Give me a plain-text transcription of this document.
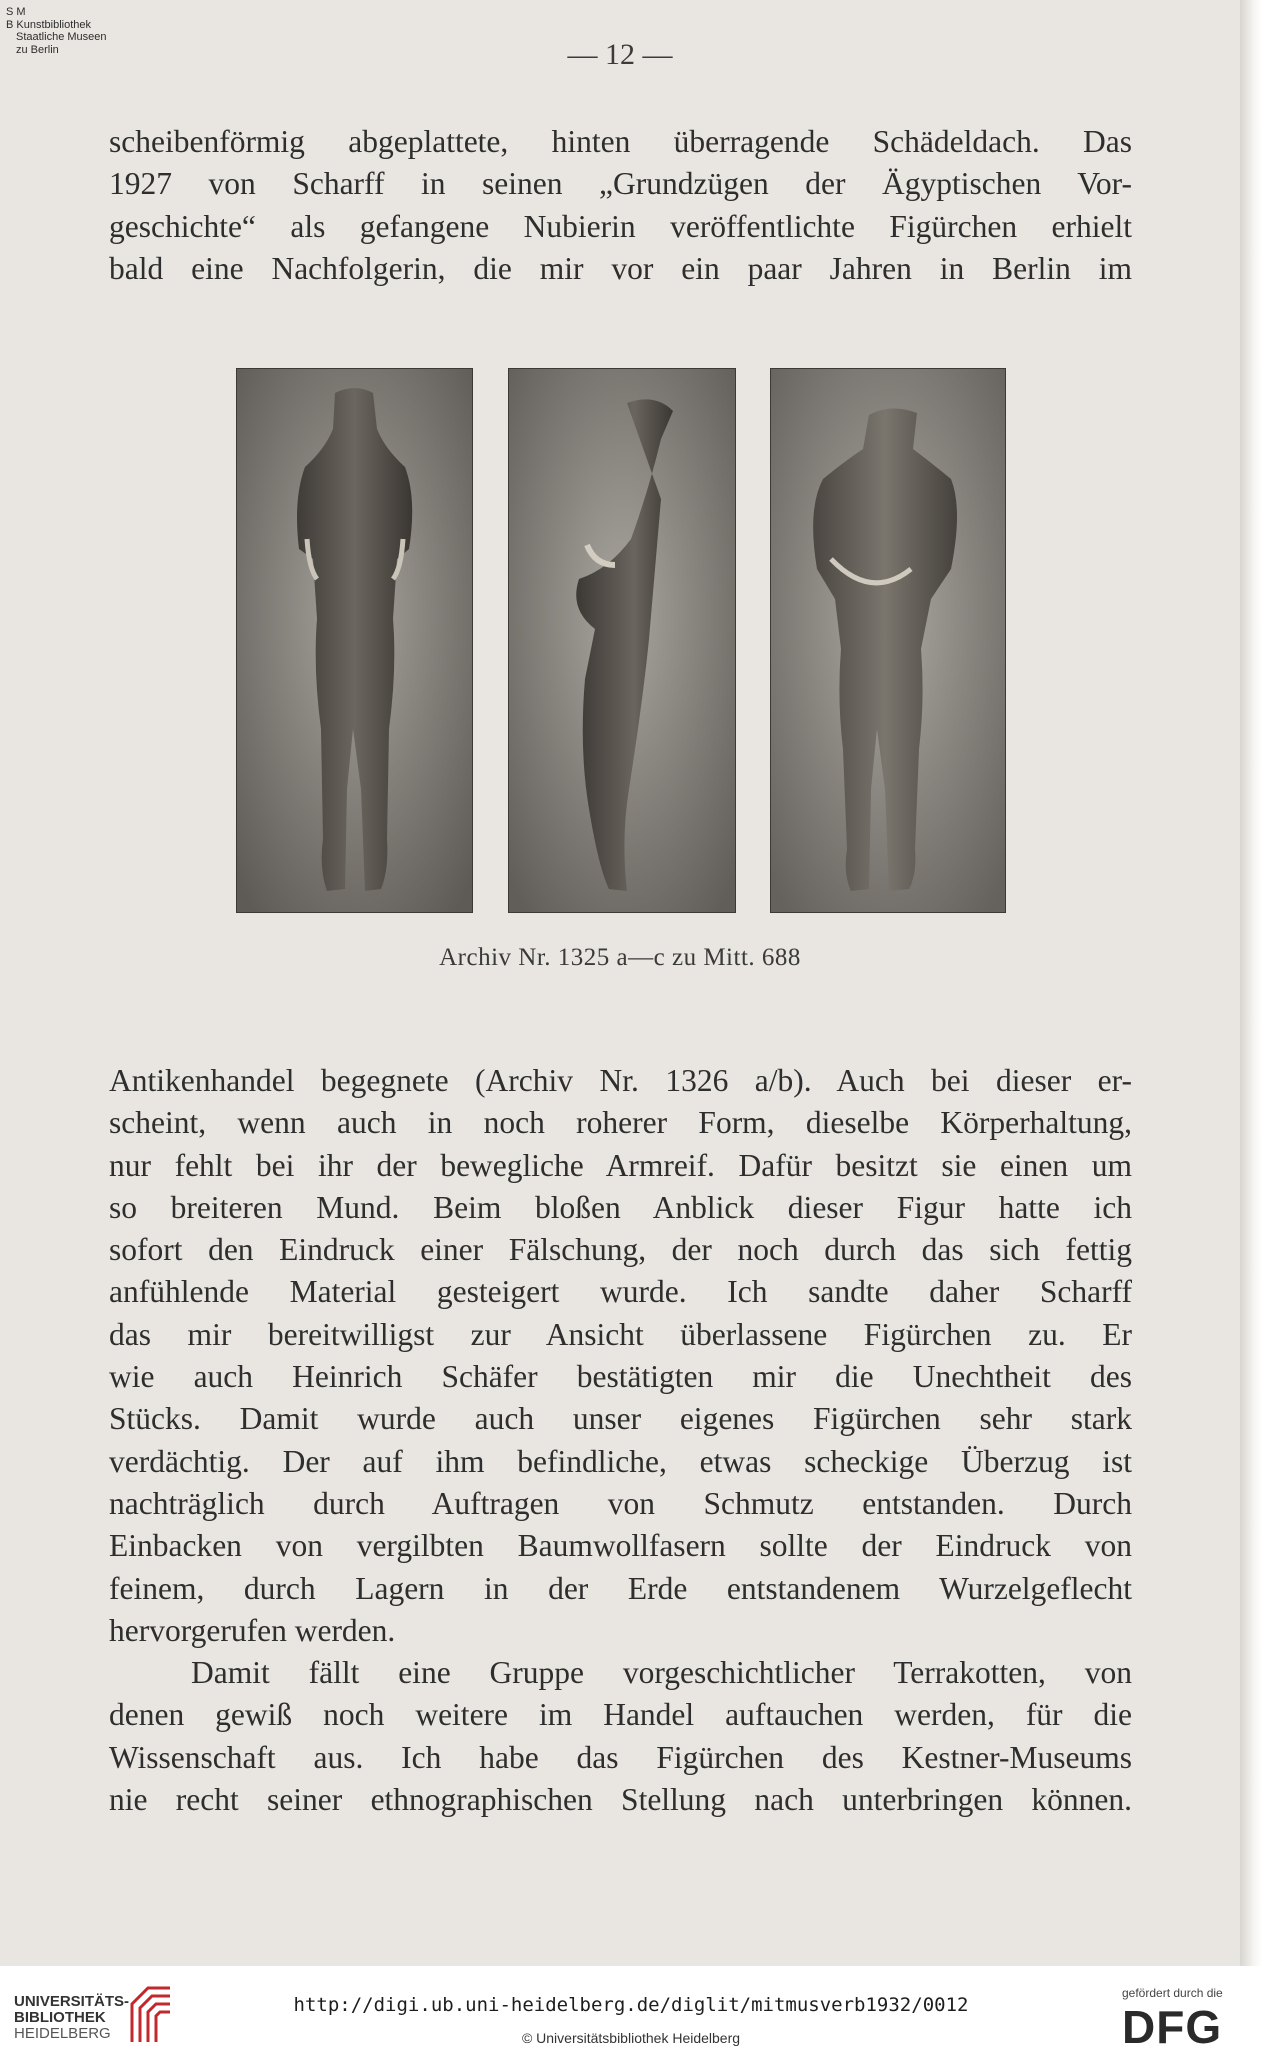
S M
B Kunstbibliothek
Staatliche Museen
zu Berlin	— 12 —
scheibenförmig abgeplattete, hinten überragende Schädeldach. Das
1927 von Scharff in seinen „Grundzügen der Ägyptischen Vor-
geschichte“ als gefangene Nubierin veröffentlichte Figürchen erhielt
bald eine Nachfolgerin, die mir vor ein paar Jahren in Berlin im
Archiv Nr. 1325 a—c zu Mitt. 688
Antikenhandel begegnete (Archiv Nr. 1326 a/b). Auch bei dieser er-
scheint, wenn auch in noch roherer Form, dieselbe Körperhaltung,
nur fehlt bei ihr der bewegliche Armreif. Dafür besitzt sie einen um
so breiteren Mund. Beim bloßen Anblick dieser Figur hatte ich
sofort den Eindruck einer Fälschung, der noch durch das sich fettig
anfühlende Material gesteigert wurde. Ich sandte daher Scharff
das mir bereitwilligst zur Ansicht überlassene Figürchen zu. Er
wie auch Heinrich Schäfer bestätigten mir die Unechtheit des
Stücks. Damit wurde auch unser eigenes Figürchen sehr stark
verdächtig. Der auf ihm befindliche, etwas scheckige Überzug ist
nachträglich durch Auftragen von Schmutz entstanden. Durch
Einbacken von vergilbten Baumwollfasern sollte der Eindruck von
feinem, durch Lagern in der Erde entstandenem Wurzelgeflecht
hervorgerufen werden.
Damit fällt eine Gruppe vorgeschichtlicher Terrakotten, von
denen gewiß noch weitere im Handel auftauchen werden, für die
Wissenschaft aus. Ich habe das Figürchen des Kestner-Museums
nie recht seiner ethnographischen Stellung nach unterbringen können.
UNIVERSITÄTS-
BIBLIOTHEK
HEIDELBERG
http://digi.ub.uni-heidelberg.de/diglit/mitmusverb1932/0012
© Universitätsbibliothek Heidelberg
gefördert durch die
DFG
